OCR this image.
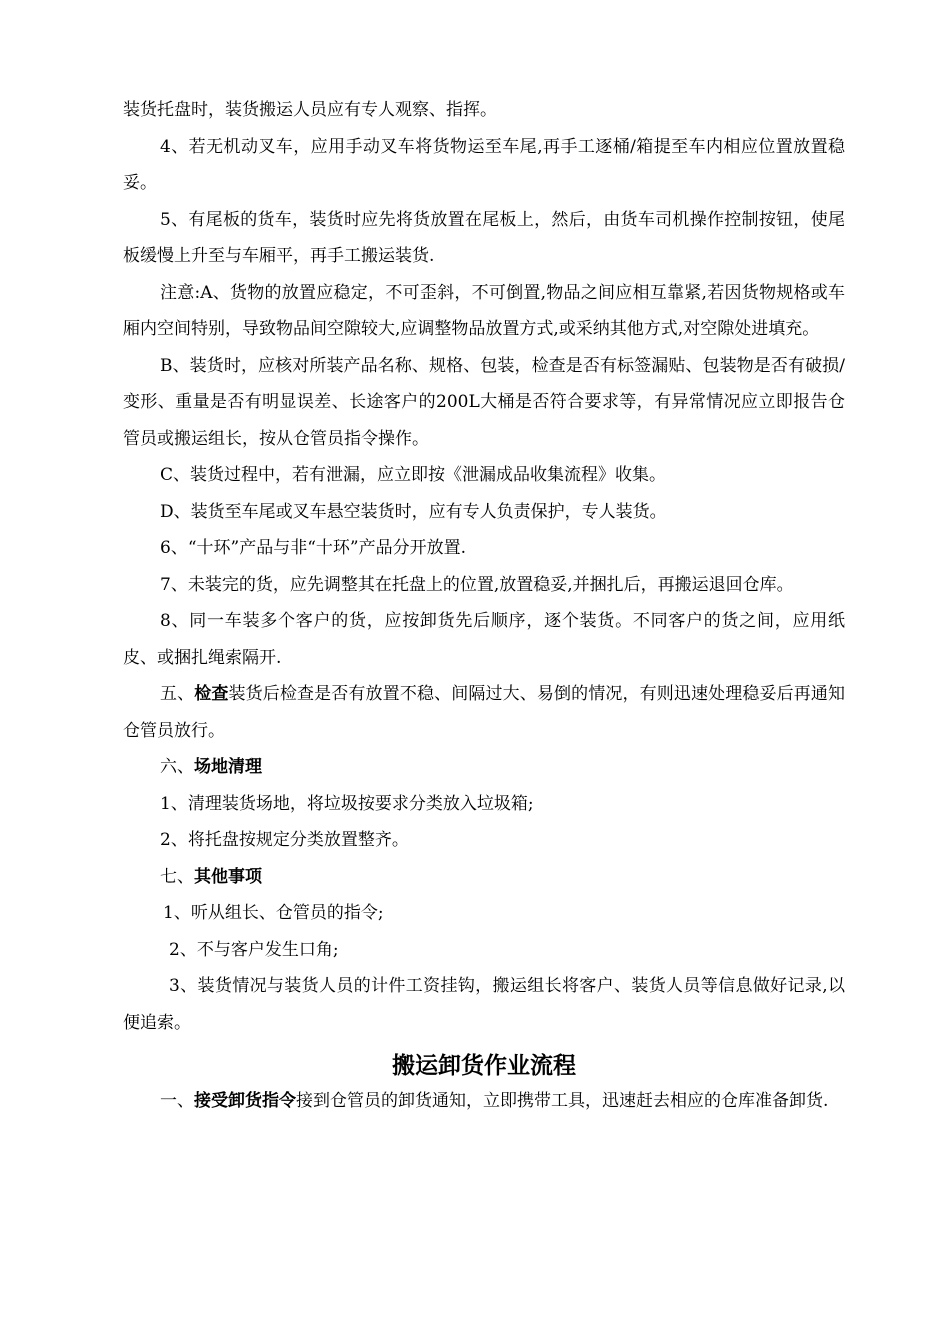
装货托盘时，装货搬运人员应有专人观察、指挥。

4、若无机动叉车，应用手动叉车将货物运至车尾,再手工逐桶/箱提至车内相应位置放置稳妥。

5、有尾板的货车，装货时应先将货放置在尾板上，然后，由货车司机操作控制按钮，使尾板缓慢上升至与车厢平，再手工搬运装货.

注意:A、货物的放置应稳定，不可歪斜，不可倒置,物品之间应相互靠紧,若因货物规格或车厢内空间特别，导致物品间空隙较大,应调整物品放置方式,或采纳其他方式,对空隙处进填充。

B、装货时，应核对所装产品名称、规格、包装，检查是否有标签漏贴、包装物是否有破损/变形、重量是否有明显误差、长途客户的200L大桶是否符合要求等，有异常情况应立即报告仓管员或搬运组长，按从仓管员指令操作。

C、装货过程中，若有泄漏，应立即按《泄漏成品收集流程》收集。

D、装货至车尾或叉车悬空装货时，应有专人负责保护，专人装货。

6、“十环”产品与非“十环”产品分开放置.

7、未装完的货，应先调整其在托盘上的位置,放置稳妥,并捆扎后，再搬运退回仓库。

8、同一车装多个客户的货，应按卸货先后顺序，逐个装货。不同客户的货之间，应用纸皮、或捆扎绳索隔开.

五、检查装货后检查是否有放置不稳、间隔过大、易倒的情况，有则迅速处理稳妥后再通知仓管员放行。

六、场地清理

1、清理装货场地，将垃圾按要求分类放入垃圾箱;

2、将托盘按规定分类放置整齐。

七、其他事项

1、听从组长、仓管员的指令;

2、不与客户发生口角;

3、装货情况与装货人员的计件工资挂钩，搬运组长将客户、装货人员等信息做好记录,以便追索。

搬运卸货作业流程

一、接受卸货指令接到仓管员的卸货通知，立即携带工具，迅速赶去相应的仓库准备卸货.
